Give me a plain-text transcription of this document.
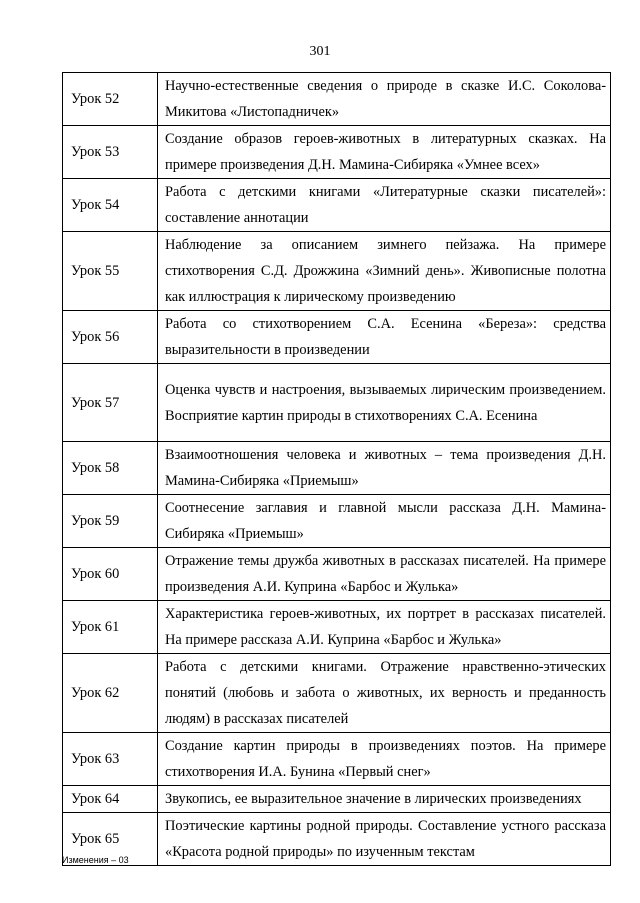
301
Урок 52	Научно-естественные сведения о природе в сказке И.С. Соколова-Микитова «Листопадничек»
Урок 53	Создание образов героев-животных в литературных сказках. На примере произведения Д.Н. Мамина-Сибиряка «Умнее всех»
Урок 54	Работа с детскими книгами «Литературные сказки писателей»: составление аннотации
Урок 55	Наблюдение за описанием зимнего пейзажа. На примере стихотворения С.Д. Дрожжина «Зимний день». Живописные полотна как иллюстрация к лирическому произведению
Урок 56	Работа со стихотворением С.А. Есенина «Береза»: средства выразительности в произведении
Урок 57	Оценка чувств и настроения, вызываемых лирическим произведением. Восприятие картин природы в стихотворениях С.А. Есенина
Урок 58	Взаимоотношения человека и животных – тема произведения Д.Н. Мамина-Сибиряка «Приемыш»
Урок 59	Соотнесение заглавия и главной мысли рассказа Д.Н. Мамина-Сибиряка «Приемыш»
Урок 60	Отражение темы дружба животных в рассказах писателей. На примере произведения А.И. Куприна «Барбос и Жулька»
Урок 61	Характеристика героев-животных, их портрет в рассказах писателей. На примере рассказа А.И. Куприна «Барбос и Жулька»
Урок 62	Работа с детскими книгами. Отражение нравственно-этических понятий (любовь и забота о животных, их верность и преданность людям) в рассказах писателей
Урок 63	Создание картин природы в произведениях поэтов. На примере стихотворения И.А. Бунина «Первый снег»
Урок 64	Звукопись, ее выразительное значение в лирических произведениях
Урок 65	Поэтические картины родной природы. Составление устного рассказа «Красота родной природы» по изученным текстам
Изменения – 03
